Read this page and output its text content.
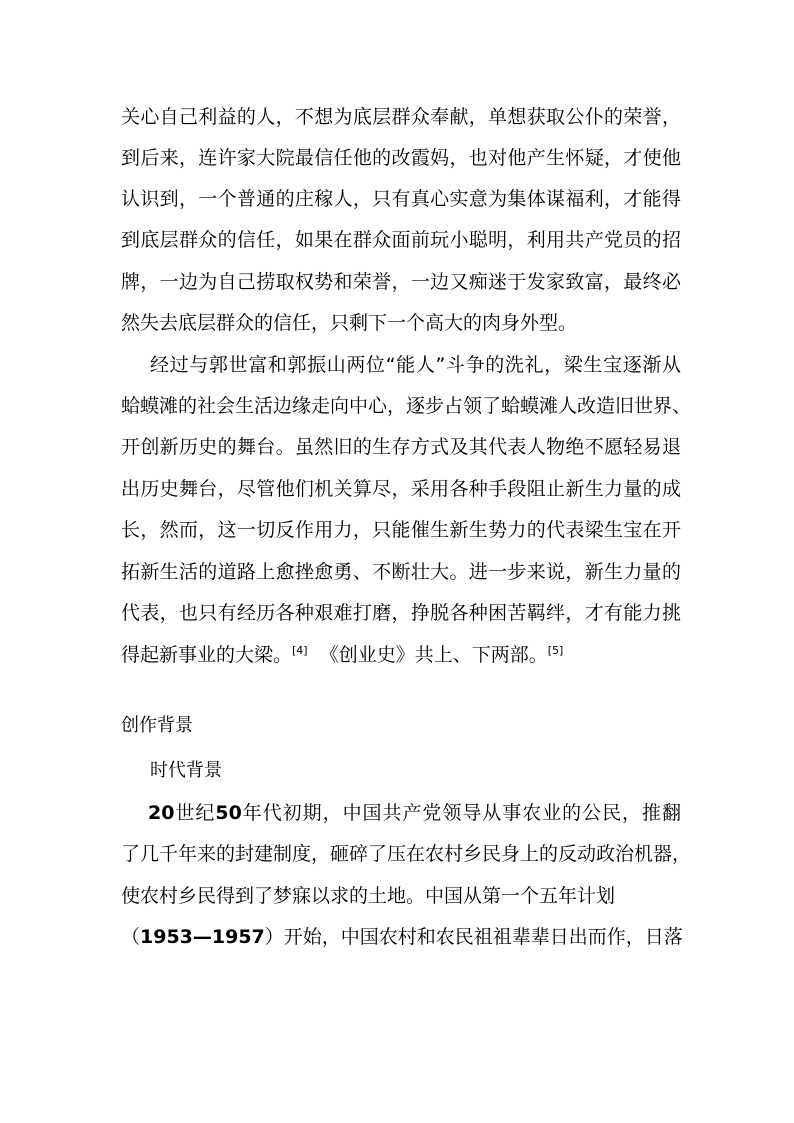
关心自己利益的人，不想为底层群众奉献，单想获取公仆的荣誉，
到后来，连许家大院最信任他的改霞妈，也对他产生怀疑，才使他
认识到，一个普通的庄稼人，只有真心实意为集体谋福利，才能得
到底层群众的信任，如果在群众面前玩小聪明，利用共产党员的招
牌，一边为自己捞取权势和荣誉，一边又痴迷于发家致富，最终必
然失去底层群众的信任，只剩下一个高大的肉身外型。
经过与郭世富和郭振山两位“能人”斗争的洗礼，梁生宝逐渐从
蛤蟆滩的社会生活边缘走向中心，逐步占领了蛤蟆滩人改造旧世界、
开创新历史的舞台。虽然旧的生存方式及其代表人物绝不愿轻易退
出历史舞台，尽管他们机关算尽，采用各种手段阻止新生力量的成
长，然而，这一切反作用力，只能催生新生势力的代表梁生宝在开
拓新生活的道路上愈挫愈勇、不断壮大。进一步来说，新生力量的
代表，也只有经历各种艰难打磨，挣脱各种困苦羁绊，才有能力挑
得起新事业的大梁。[4]  《创业史》共上、下两部。[5]
创作背景
时代背景
20世纪50年代初期，中国共产党领导从事农业的公民，推翻
了几千年来的封建制度，砸碎了压在农村乡民身上的反动政治机器，
使农村乡民得到了梦寐以求的土地。中国从第一个五年计划
（1953—1957）开始，中国农村和农民祖祖辈辈日出而作，日落
